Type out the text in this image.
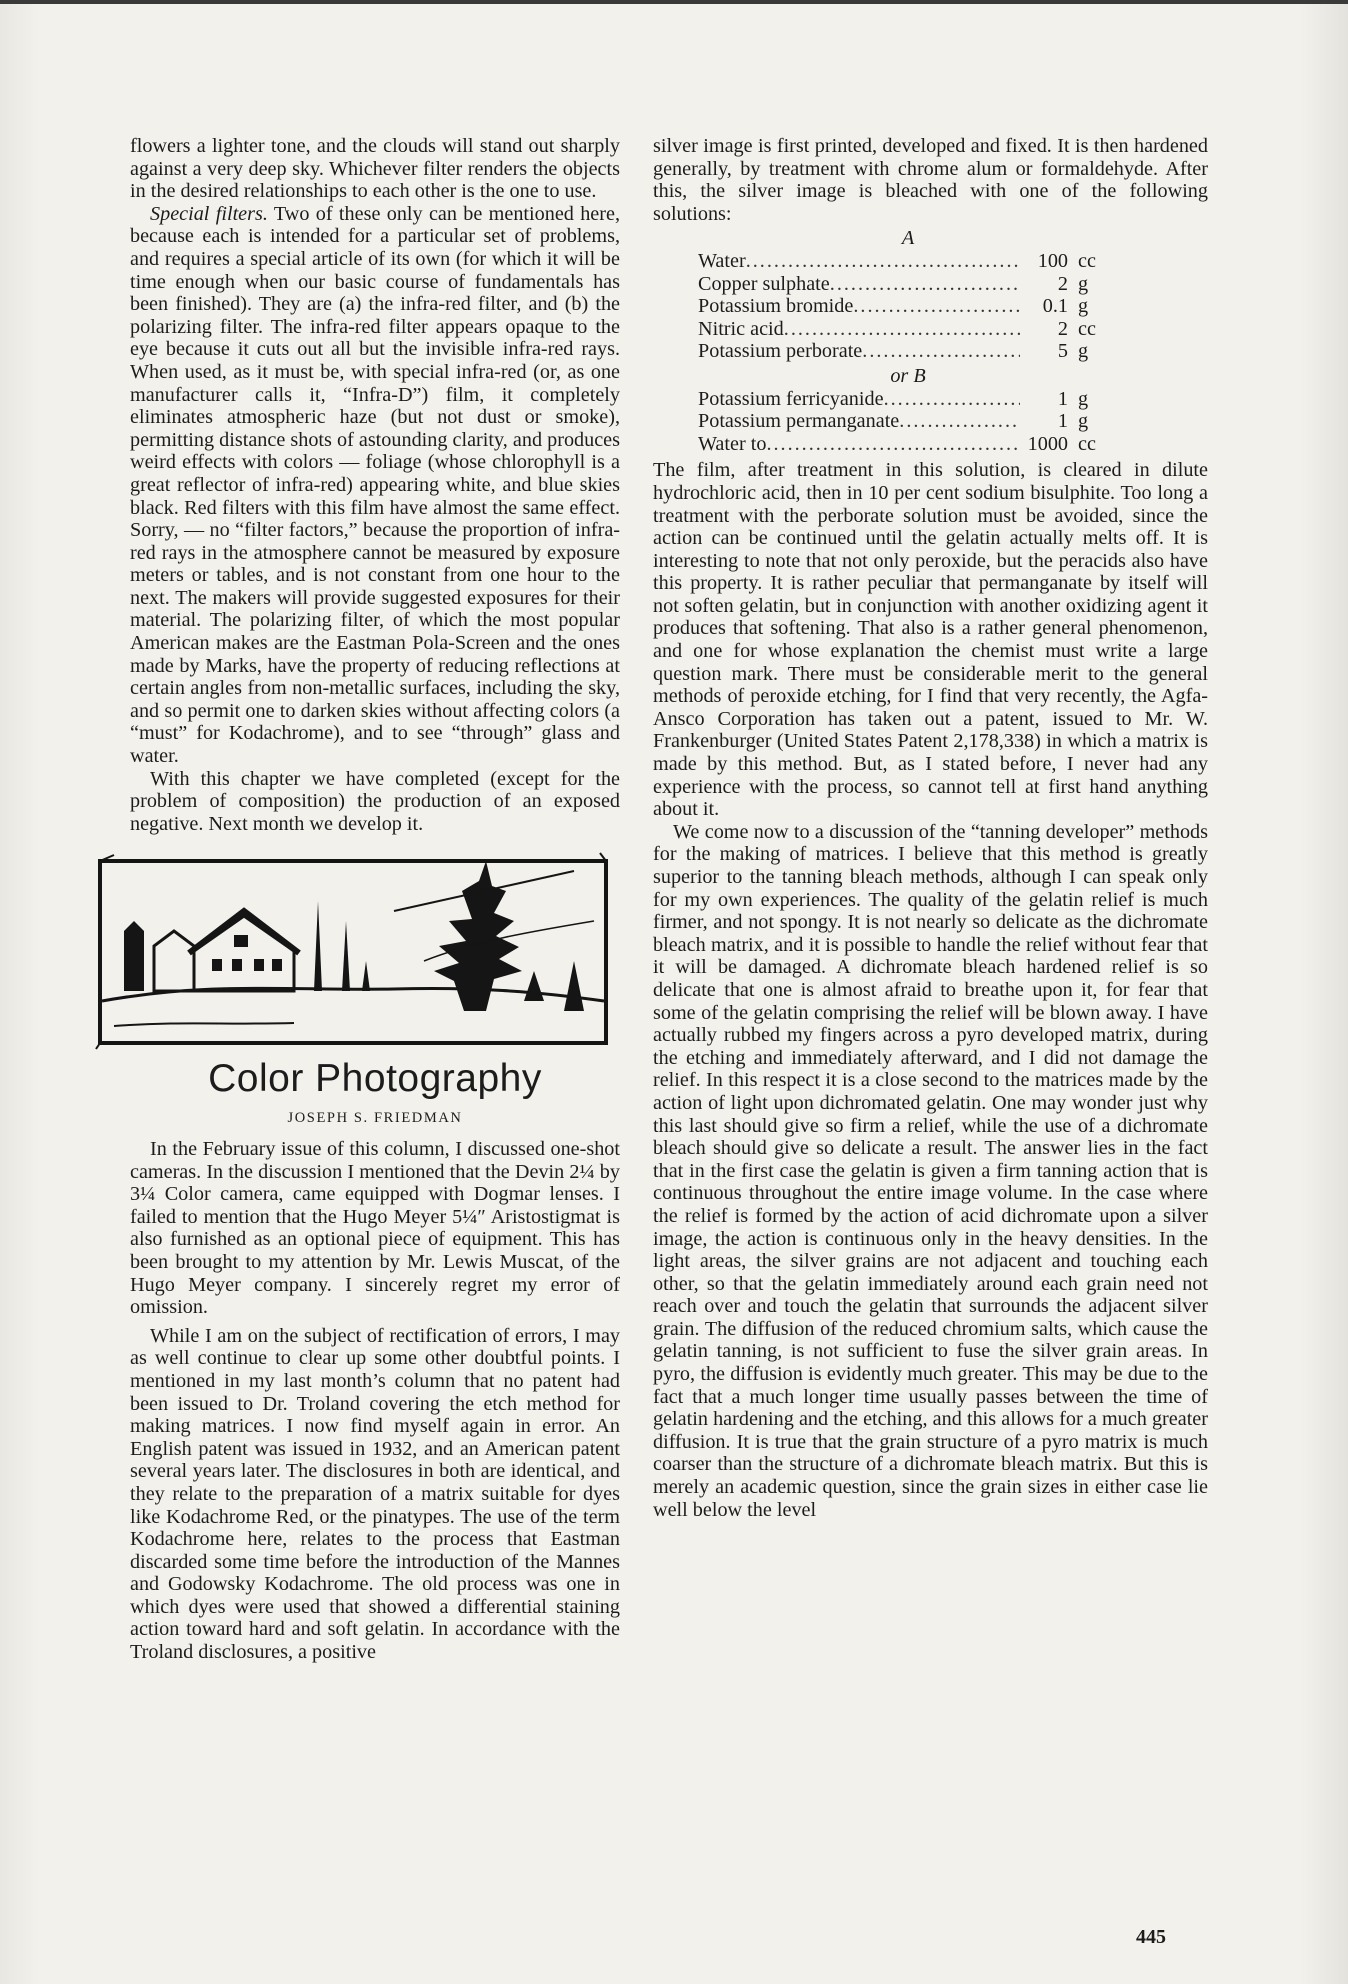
flowers a lighter tone, and the clouds will stand out sharply against a very deep sky. Whichever filter renders the objects in the desired relationships to each other is the one to use.

Special filters. Two of these only can be mentioned here, because each is intended for a particular set of problems, and requires a special article of its own (for which it will be time enough when our basic course of fundamentals has been finished). They are (a) the infra-red filter, and (b) the polarizing filter. The infra-red filter appears opaque to the eye because it cuts out all but the invisible infra-red rays. When used, as it must be, with special infra-red (or, as one manufacturer calls it, “Infra-D”) film, it completely eliminates atmospheric haze (but not dust or smoke), permitting distance shots of astounding clarity, and produces weird effects with colors — foliage (whose chlorophyll is a great reflector of infra-red) appearing white, and blue skies black. Red filters with this film have almost the same effect. Sorry, — no “filter factors,” because the proportion of infra-red rays in the atmosphere cannot be measured by exposure meters or tables, and is not constant from one hour to the next. The makers will provide suggested exposures for their material. The polarizing filter, of which the most popular American makes are the Eastman Pola-Screen and the ones made by Marks, have the property of reducing reflections at certain angles from non-metallic surfaces, including the sky, and so permit one to darken skies without affecting colors (a “must” for Kodachrome), and to see “through” glass and water.

With this chapter we have completed (except for the problem of composition) the production of an exposed negative. Next month we develop it.

Color Photography
JOSEPH S. FRIEDMAN

In the February issue of this column, I discussed one-shot cameras. In the discussion I mentioned that the Devin 2¼ by 3¼ Color camera, came equipped with Dogmar lenses. I failed to mention that the Hugo Meyer 5¼″ Aristostigmat is also furnished as an optional piece of equipment. This has been brought to my attention by Mr. Lewis Muscat, of the Hugo Meyer company. I sincerely regret my error of omission.

While I am on the subject of rectification of errors, I may as well continue to clear up some other doubtful points. I mentioned in my last month’s column that no patent had been issued to Dr. Troland covering the etch method for making matrices. I now find myself again in error. An English patent was issued in 1932, and an American patent several years later. The disclosures in both are identical, and they relate to the preparation of a matrix suitable for dyes like Kodachrome Red, or the pinatypes. The use of the term Kodachrome here, relates to the process that Eastman discarded some time before the introduction of the Mannes and Godowsky Kodachrome. The old process was one in which dyes were used that showed a differential staining action toward hard and soft gelatin. In accordance with the Troland disclosures, a positive

silver image is first printed, developed and fixed. It is then hardened generally, by treatment with chrome alum or formaldehyde. After this, the silver image is bleached with one of the following solutions:

A
Water .....	100 cc
Copper sulphate .....	2 g
Potassium bromide .....	0.1 g
Nitric acid .....	2 cc
Potassium perborate .....	5 g
or B
Potassium ferricyanide .....	1 g
Potassium permanganate .....	1 g
Water to .....	1000 cc

The film, after treatment in this solution, is cleared in dilute hydrochloric acid, then in 10 per cent sodium bisulphite. Too long a treatment with the perborate solution must be avoided, since the action can be continued until the gelatin actually melts off. It is interesting to note that not only peroxide, but the peracids also have this property. It is rather peculiar that permanganate by itself will not soften gelatin, but in conjunction with another oxidizing agent it produces that softening. That also is a rather general phenomenon, and one for whose explanation the chemist must write a large question mark. There must be considerable merit to the general methods of peroxide etching, for I find that very recently, the Agfa-Ansco Corporation has taken out a patent, issued to Mr. W. Frankenburger (United States Patent 2,178,338) in which a matrix is made by this method. But, as I stated before, I never had any experience with the process, so cannot tell at first hand anything about it.

We come now to a discussion of the “tanning developer” methods for the making of matrices. I believe that this method is greatly superior to the tanning bleach methods, although I can speak only for my own experiences. The quality of the gelatin relief is much firmer, and not spongy. It is not nearly so delicate as the dichromate bleach matrix, and it is possible to handle the relief without fear that it will be damaged. A dichromate bleach hardened relief is so delicate that one is almost afraid to breathe upon it, for fear that some of the gelatin comprising the relief will be blown away. I have actually rubbed my fingers across a pyro developed matrix, during the etching and immediately afterward, and I did not damage the relief. In this respect it is a close second to the matrices made by the action of light upon dichromated gelatin. One may wonder just why this last should give so firm a relief, while the use of a dichromate bleach should give so delicate a result. The answer lies in the fact that in the first case the gelatin is given a firm tanning action that is continuous throughout the entire image volume. In the case where the relief is formed by the action of acid dichromate upon a silver image, the action is continuous only in the heavy densities. In the light areas, the silver grains are not adjacent and touching each other, so that the gelatin immediately around each grain need not reach over and touch the gelatin that surrounds the adjacent silver grain. The diffusion of the reduced chromium salts, which cause the gelatin tanning, is not sufficient to fuse the silver grain areas. In pyro, the diffusion is evidently much greater. This may be due to the fact that a much longer time usually passes between the time of gelatin hardening and the etching, and this allows for a much greater diffusion. It is true that the grain structure of a pyro matrix is much coarser than the structure of a dichromate bleach matrix. But this is merely an academic question, since the grain sizes in either case lie well below the level

445
